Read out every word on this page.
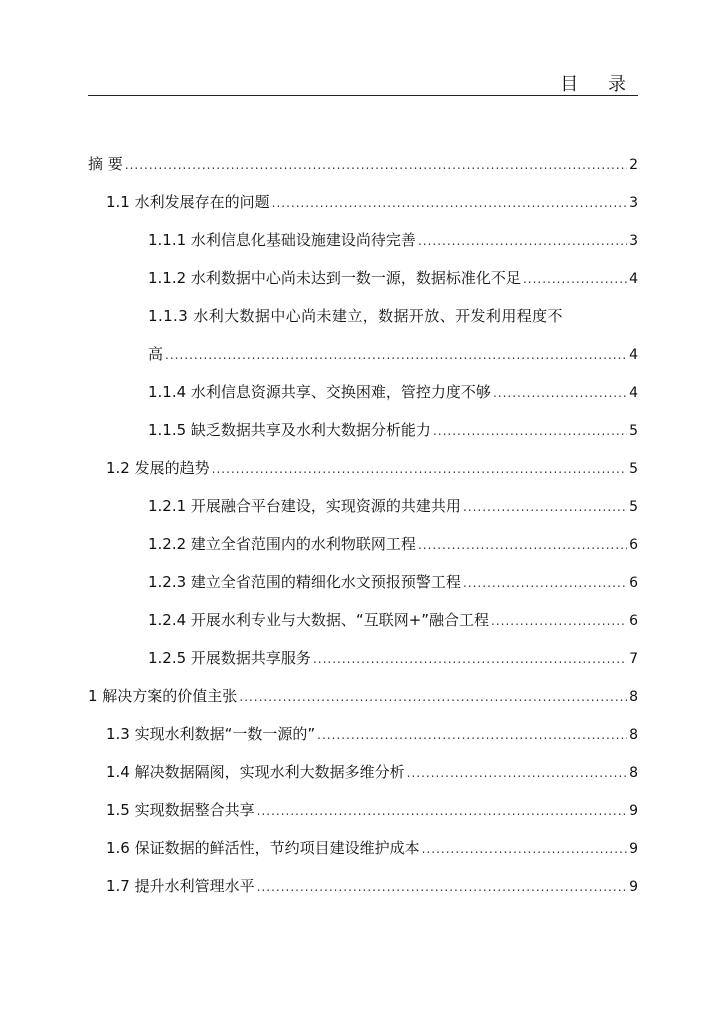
目 录
摘 要 .....	2
1.1 水利发展存在的问题 .....	3
1.1.1 水利信息化基础设施建设尚待完善 .....	3
1.1.2 水利数据中心尚未达到一数一源，数据标准化不足 .....	4
1.1.3 水利大数据中心尚未建立，数据开放、开发利用程度不
高 .....	4
1.1.4 水利信息资源共享、交换困难，管控力度不够 .....	4
1.1.5 缺乏数据共享及水利大数据分析能力 .....	5
1.2 发展的趋势 .....	5
1.2.1 开展融合平台建设，实现资源的共建共用 .....	5
1.2.2 建立全省范围内的水利物联网工程 .....	6
1.2.3 建立全省范围的精细化水文预报预警工程 .....	6
1.2.4 开展水利专业与大数据、“互联网+”融合工程 .....	6
1.2.5 开展数据共享服务 .....	7
1 解决方案的价值主张 .....	8
1.3 实现水利数据“一数一源的” .....	8
1.4 解决数据隔阂，实现水利大数据多维分析 .....	8
1.5 实现数据整合共享 .....	9
1.6 保证数据的鲜活性，节约项目建设维护成本 .....	9
1.7 提升水利管理水平 .....	9
